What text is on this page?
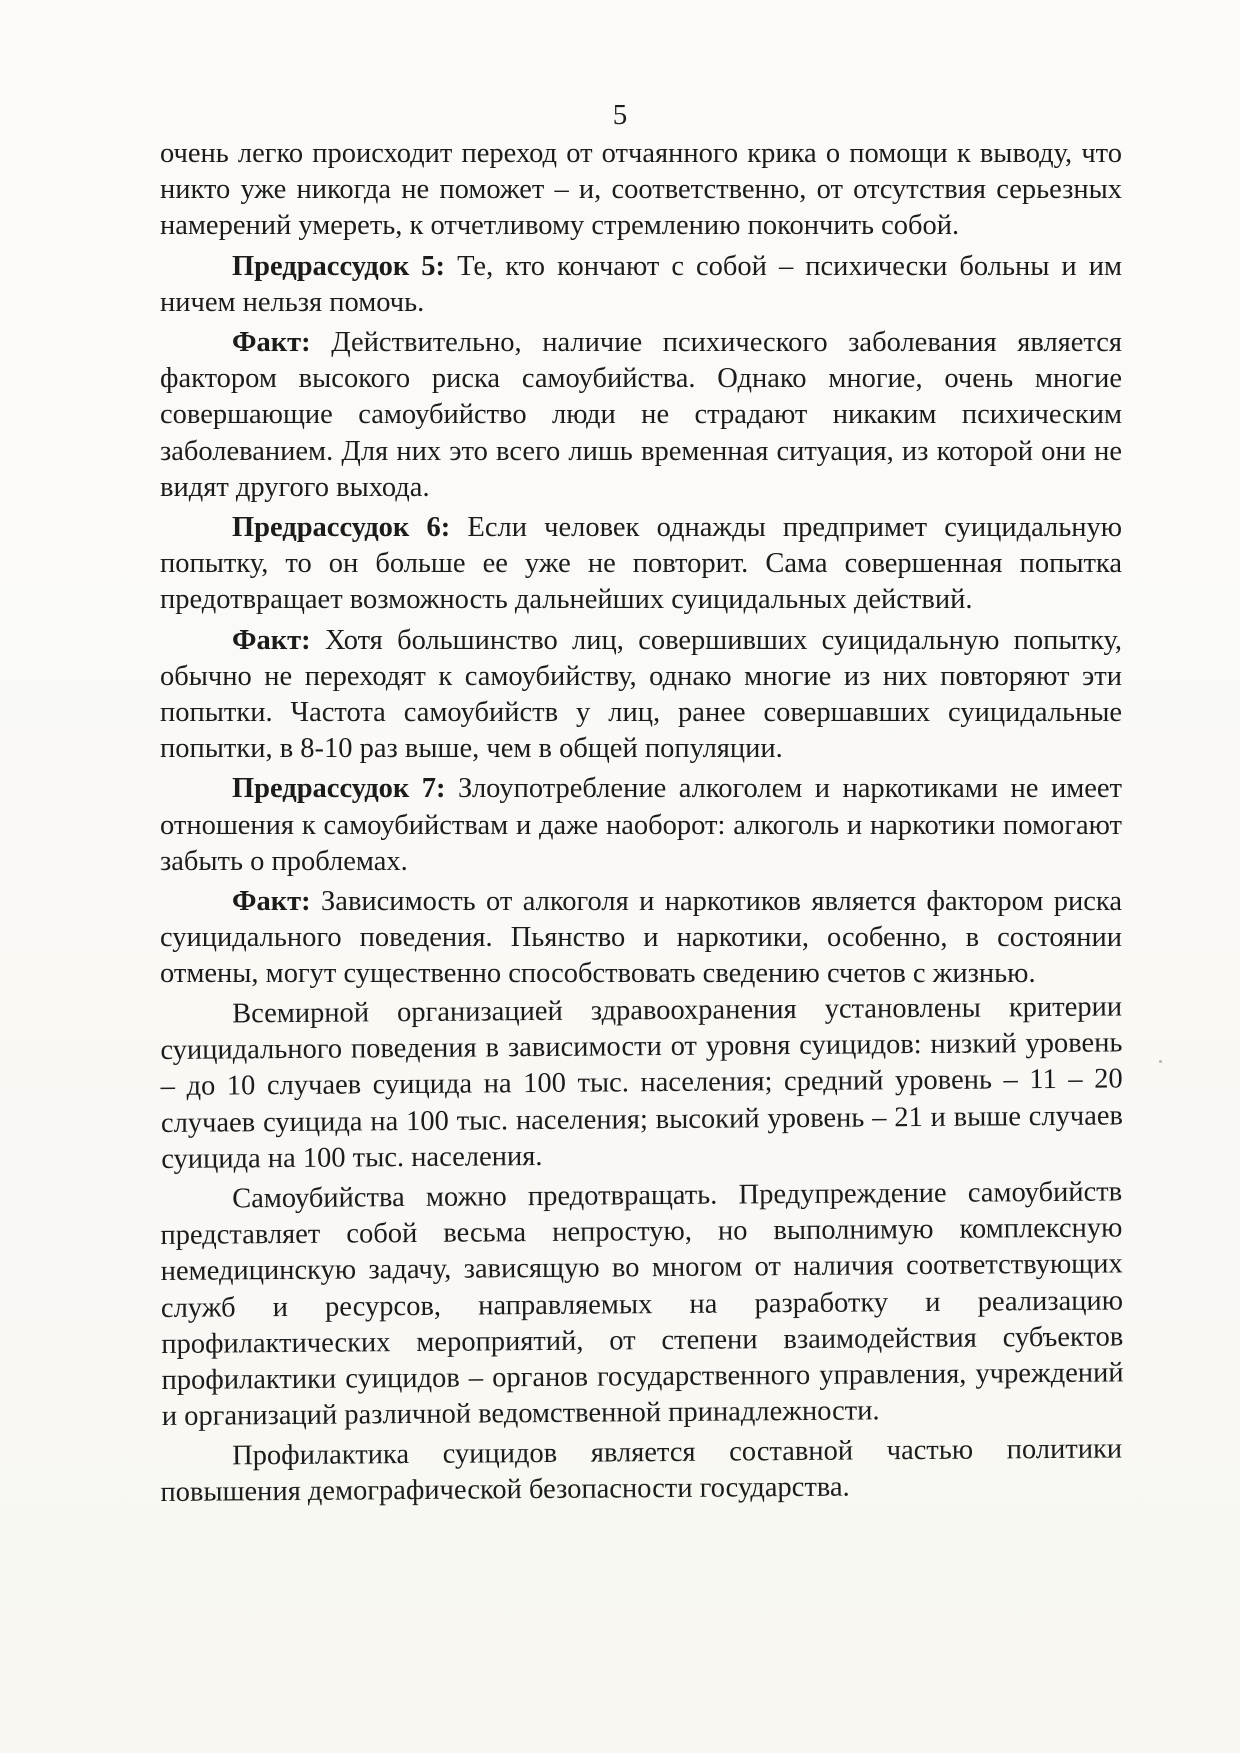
5

очень легко происходит переход от отчаянного крика о помощи к выводу, что никто уже никогда не поможет – и, соответственно, от отсутствия серьезных намерений умереть, к отчетливому стремлению покончить собой.

Предрассудок 5: Те, кто кончают с собой – психически больны и им ничем нельзя помочь.

Факт: Действительно, наличие психического заболевания является фактором высокого риска самоубийства. Однако многие, очень многие совершающие самоубийство люди не страдают никаким психическим заболеванием. Для них это всего лишь временная ситуация, из которой они не видят другого выхода.

Предрассудок 6: Если человек однажды предпримет суицидальную попытку, то он больше ее уже не повторит. Сама совершенная попытка предотвращает возможность дальнейших суицидальных действий.

Факт: Хотя большинство лиц, совершивших суицидальную попытку, обычно не переходят к самоубийству, однако многие из них повторяют эти попытки. Частота самоубийств у лиц, ранее совершавших суицидальные попытки, в 8-10 раз выше, чем в общей популяции.

Предрассудок 7: Злоупотребление алкоголем и наркотиками не имеет отношения к самоубийствам и даже наоборот: алкоголь и наркотики помогают забыть о проблемах.

Факт: Зависимость от алкоголя и наркотиков является фактором риска суицидального поведения. Пьянство и наркотики, особенно, в состоянии отмены, могут существенно способствовать сведению счетов с жизнью.

Всемирной организацией здравоохранения установлены критерии суицидального поведения в зависимости от уровня суицидов: низкий уровень – до 10 случаев суицида на 100 тыс. населения; средний уровень – 11 – 20 случаев суицида на 100 тыс. населения; высокий уровень – 21 и выше случаев суицида на 100 тыс. населения.

Самоубийства можно предотвращать. Предупреждение самоубийств представляет собой весьма непростую, но выполнимую комплексную немедицинскую задачу, зависящую во многом от наличия соответствующих служб и ресурсов, направляемых на разработку и реализацию профилактических мероприятий, от степени взаимодействия субъектов профилактики суицидов – органов государственного управления, учреждений и организаций различной ведомственной принадлежности.

Профилактика суицидов является составной частью политики повышения демографической безопасности государства.
